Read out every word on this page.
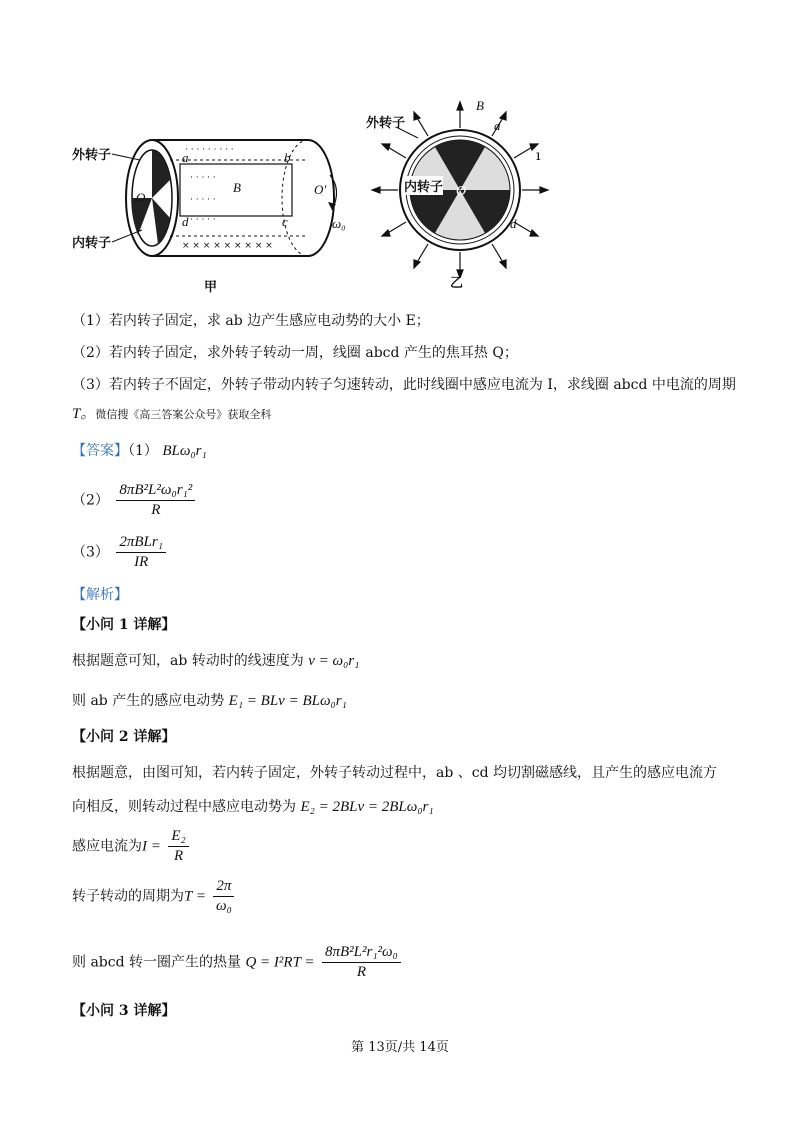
· · · · · · · · ·
· · · · ·
· · · · ·
· · · · ·
× × × × × × × × ×
a	b
d	c
B
O
O'
ω₀
外转子
内转子
甲
O
B
a
d
外转子
内转子
乙
ı
（1）若内转子固定，求 ab 边产生感应电动势的大小 E；
（2）若内转子固定，求外转子转动一周，线圈 abcd 产生的焦耳热 Q；
（3）若内转子不固定，外转子带动内转子匀速转动，此时线圈中感应电流为 I，求线圈 abcd 中电流的周期
T。微信搜《高三答案公众号》获取全科
【答案】（1） BLω₀r₁
$(2) \frac{\text{8πB²L²ω₀r₁²}}{R}$
$(3) \frac{\text{2πBLr₁}}{IR}$
【解析】
【小问 1 详解】
根据题意可知，ab 转动时的线速度为 v = ω₀r₁
则 ab 产生的感应电动势 E₁ = BLv = BLω₀r₁
【小问 2 详解】
根据题意，由图可知，若内转子固定，外转子转动过程中，ab 、cd 均切割磁感线，且产生的感应电流方
向相反，则转动过程中感应电动势为 E₂ = 2BLv = 2BLω₀r₁
感应电流为$I = \frac{\text{E₂}}{R}$
转子转动的周期为$T = \frac{2\pi}{\text{ω₀}}$
则 abcd 转一圈产生的热量 $Q = I^2RT = \frac{\text{8πB²L²r₁²ω₀}}{R}$
【小问 3 详解】
第 13页/共 14页
